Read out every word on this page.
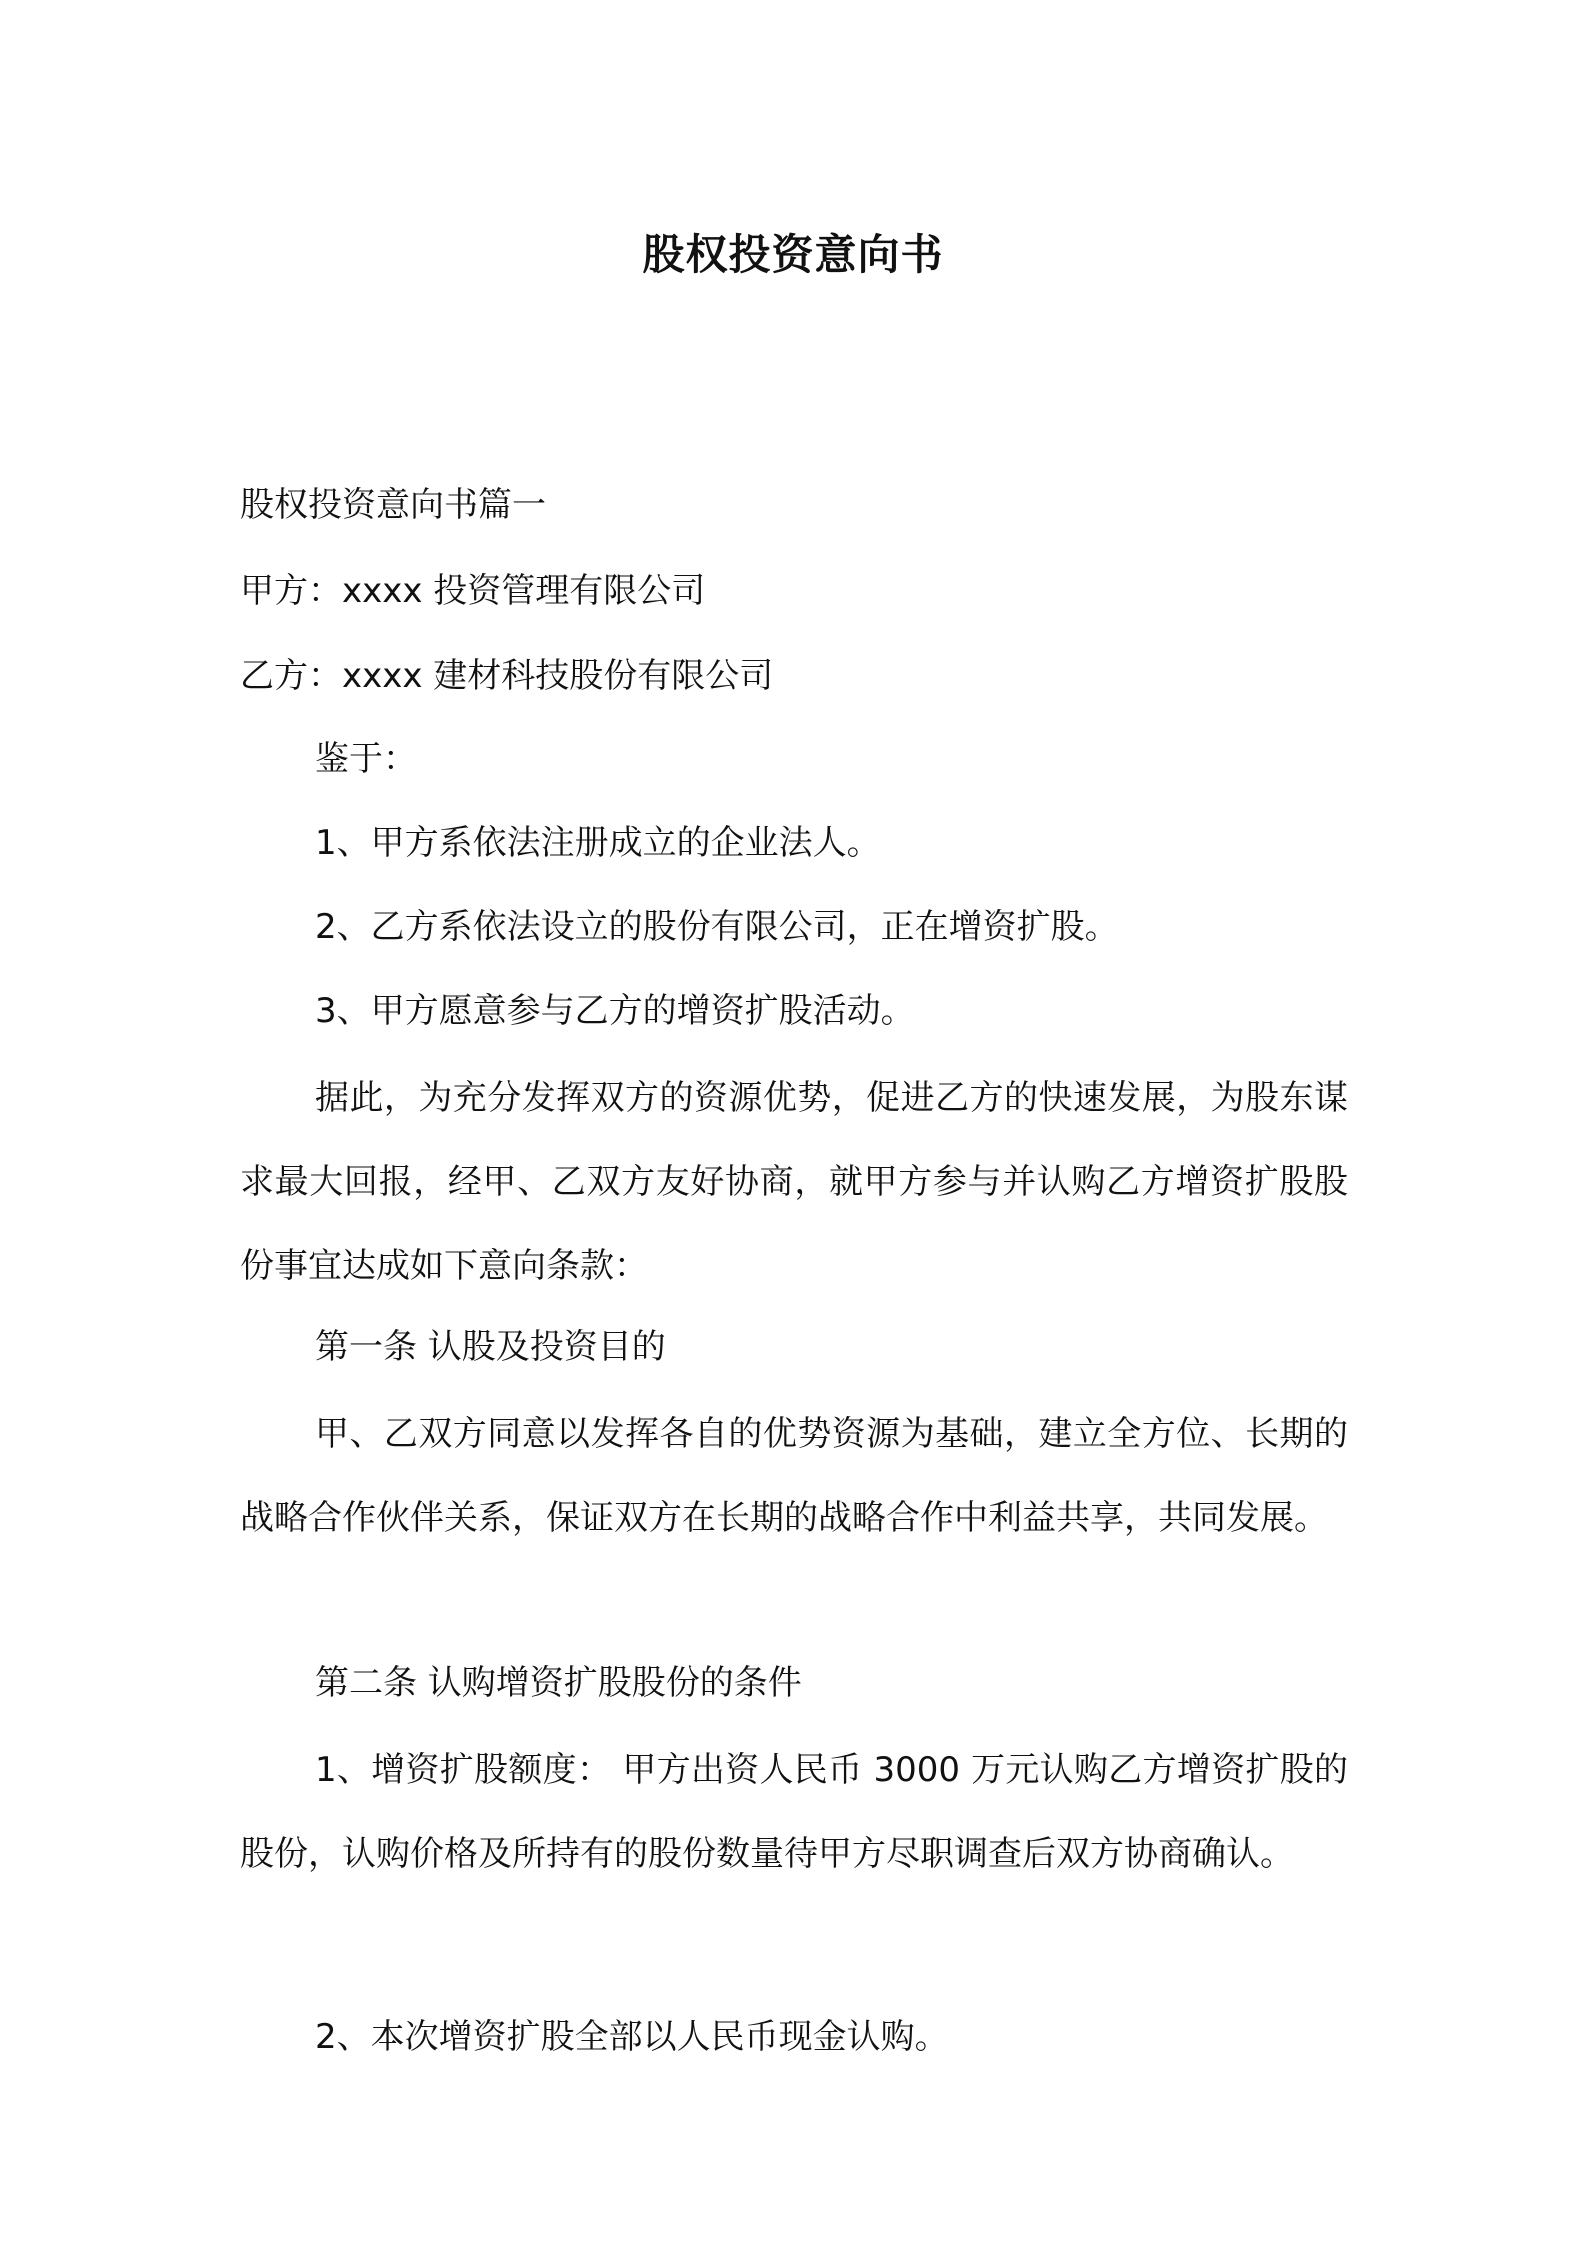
股权投资意向书
股权投资意向书篇一
甲方：xxxx 投资管理有限公司
乙方：xxxx 建材科技股份有限公司
鉴于：
1、甲方系依法注册成立的企业法人。
2、乙方系依法设立的股份有限公司，正在增资扩股。
3、甲方愿意参与乙方的增资扩股活动。
据此，为充分发挥双方的资源优势，促进乙方的快速发展，为股东谋求最大回报，经甲、乙双方友好协商，就甲方参与并认购乙方增资扩股股份事宜达成如下意向条款：
第一条 认股及投资目的
甲、乙双方同意以发挥各自的优势资源为基础，建立全方位、长期的战略合作伙伴关系，保证双方在长期的战略合作中利益共享，共同发展。
第二条 认购增资扩股股份的条件
1、增资扩股额度： 甲方出资人民币 3000 万元认购乙方增资扩股的股份，认购价格及所持有的股份数量待甲方尽职调查后双方协商确认。
2、本次增资扩股全部以人民币现金认购。
